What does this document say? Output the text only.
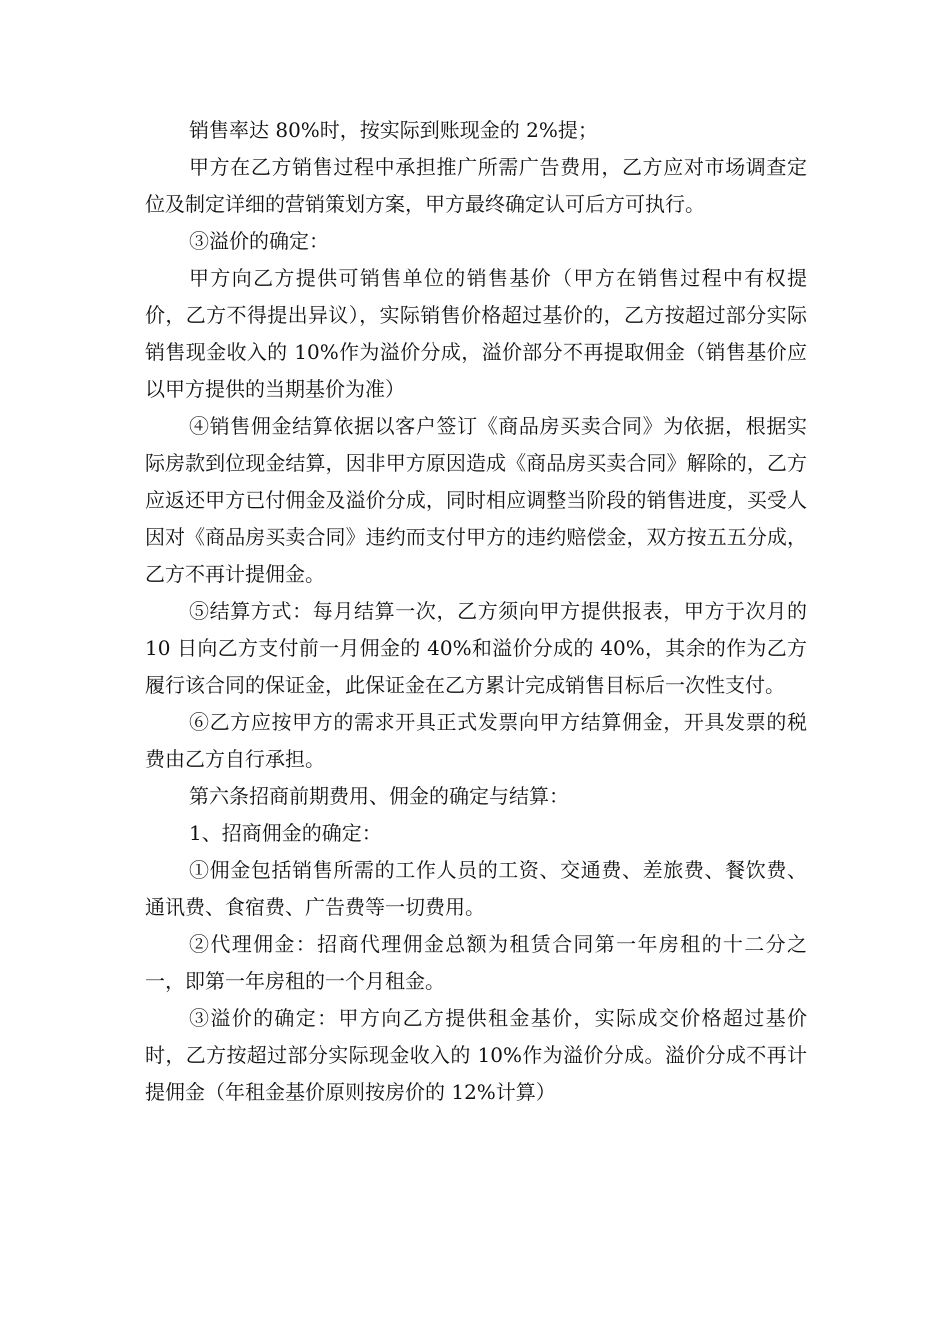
销售率达 80%时，按实际到账现金的 2%提；

甲方在乙方销售过程中承担推广所需广告费用，乙方应对市场调查定位及制定详细的营销策划方案，甲方最终确定认可后方可执行。

③溢价的确定：

甲方向乙方提供可销售单位的销售基价（甲方在销售过程中有权提价，乙方不得提出异议），实际销售价格超过基价的，乙方按超过部分实际销售现金收入的 10%作为溢价分成，溢价部分不再提取佣金（销售基价应以甲方提供的当期基价为准）

④销售佣金结算依据以客户签订《商品房买卖合同》为依据，根据实际房款到位现金结算，因非甲方原因造成《商品房买卖合同》解除的，乙方应返还甲方已付佣金及溢价分成，同时相应调整当阶段的销售进度，买受人因对《商品房买卖合同》违约而支付甲方的违约赔偿金，双方按五五分成，乙方不再计提佣金。

⑤结算方式：每月结算一次，乙方须向甲方提供报表，甲方于次月的 10 日向乙方支付前一月佣金的 40%和溢价分成的 40%，其余的作为乙方履行该合同的保证金，此保证金在乙方累计完成销售目标后一次性支付。

⑥乙方应按甲方的需求开具正式发票向甲方结算佣金，开具发票的税费由乙方自行承担。

第六条招商前期费用、佣金的确定与结算：

1、招商佣金的确定：

①佣金包括销售所需的工作人员的工资、交通费、差旅费、餐饮费、通讯费、食宿费、广告费等一切费用。

②代理佣金：招商代理佣金总额为租赁合同第一年房租的十二分之一，即第一年房租的一个月租金。

③溢价的确定：甲方向乙方提供租金基价，实际成交价格超过基价时，乙方按超过部分实际现金收入的 10%作为溢价分成。溢价分成不再计提佣金（年租金基价原则按房价的 12%计算）
